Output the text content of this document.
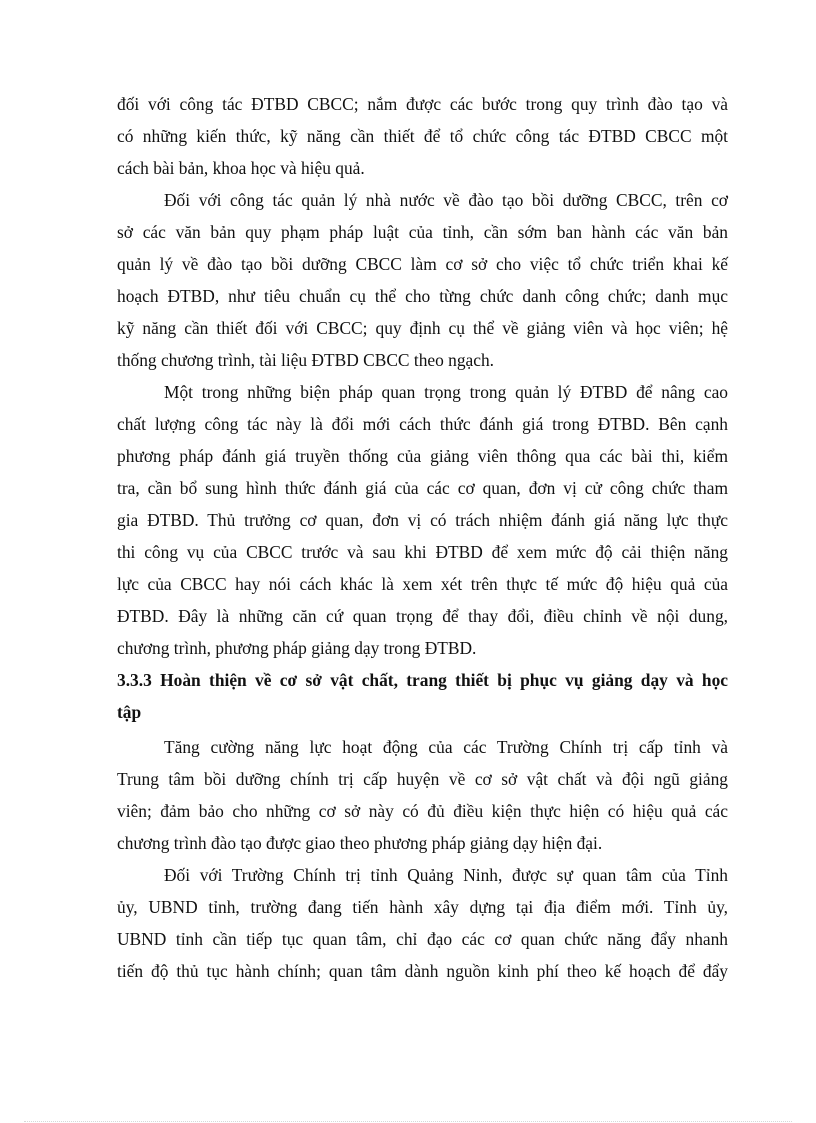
đối với công tác ĐTBD CBCC; nắm được các bước trong quy trình đào tạo và
có những kiến thức, kỹ năng cần thiết để tổ chức công tác ĐTBD CBCC một
cách bài bản, khoa học và hiệu quả.
Đối với công tác quản lý nhà nước về đào tạo bồi dưỡng CBCC, trên cơ
sở các văn bản quy phạm pháp luật của tỉnh, cần sớm ban hành các văn bản
quản lý về đào tạo bồi dưỡng CBCC làm cơ sở cho việc tổ chức triển khai kế
hoạch ĐTBD, như tiêu chuẩn cụ thể cho từng chức danh công chức; danh mục
kỹ năng cần thiết đối với CBCC; quy định cụ thể về giảng viên và học viên; hệ
thống chương trình, tài liệu ĐTBD CBCC theo ngạch.
Một trong những biện pháp quan trọng trong quản lý ĐTBD để nâng cao
chất lượng công tác này là đổi mới cách thức đánh giá trong ĐTBD. Bên cạnh
phương pháp đánh giá truyền thống của giảng viên thông qua các bài thi, kiểm
tra, cần bổ sung hình thức đánh giá của các cơ quan, đơn vị cử công chức tham
gia ĐTBD. Thủ trưởng cơ quan, đơn vị có trách nhiệm đánh giá năng lực thực
thi công vụ của CBCC trước và sau khi ĐTBD để xem mức độ cải thiện năng
lực của CBCC hay nói cách khác là xem xét trên thực tế mức độ hiệu quả của
ĐTBD. Đây là những căn cứ quan trọng để thay đổi, điều chỉnh về nội dung,
chương trình, phương pháp giảng dạy trong ĐTBD.
3.3.3 Hoàn thiện về cơ sở vật chất, trang thiết bị phục vụ giảng dạy và học
tập
Tăng cường năng lực hoạt động của các Trường Chính trị cấp tỉnh và
Trung tâm bồi dưỡng chính trị cấp huyện về cơ sở vật chất và đội ngũ giảng
viên; đảm bảo cho những cơ sở này có đủ điều kiện thực hiện có hiệu quả các
chương trình đào tạo được giao theo phương pháp giảng dạy hiện đại.
Đối với Trường Chính trị tỉnh Quảng Ninh, được sự quan tâm của Tỉnh
ủy, UBND tỉnh, trường đang tiến hành xây dựng tại địa điểm mới. Tỉnh ủy,
UBND tỉnh cần tiếp tục quan tâm, chỉ đạo các cơ quan chức năng đẩy nhanh
tiến độ thủ tục hành chính; quan tâm dành nguồn kinh phí theo kế hoạch để đẩy
